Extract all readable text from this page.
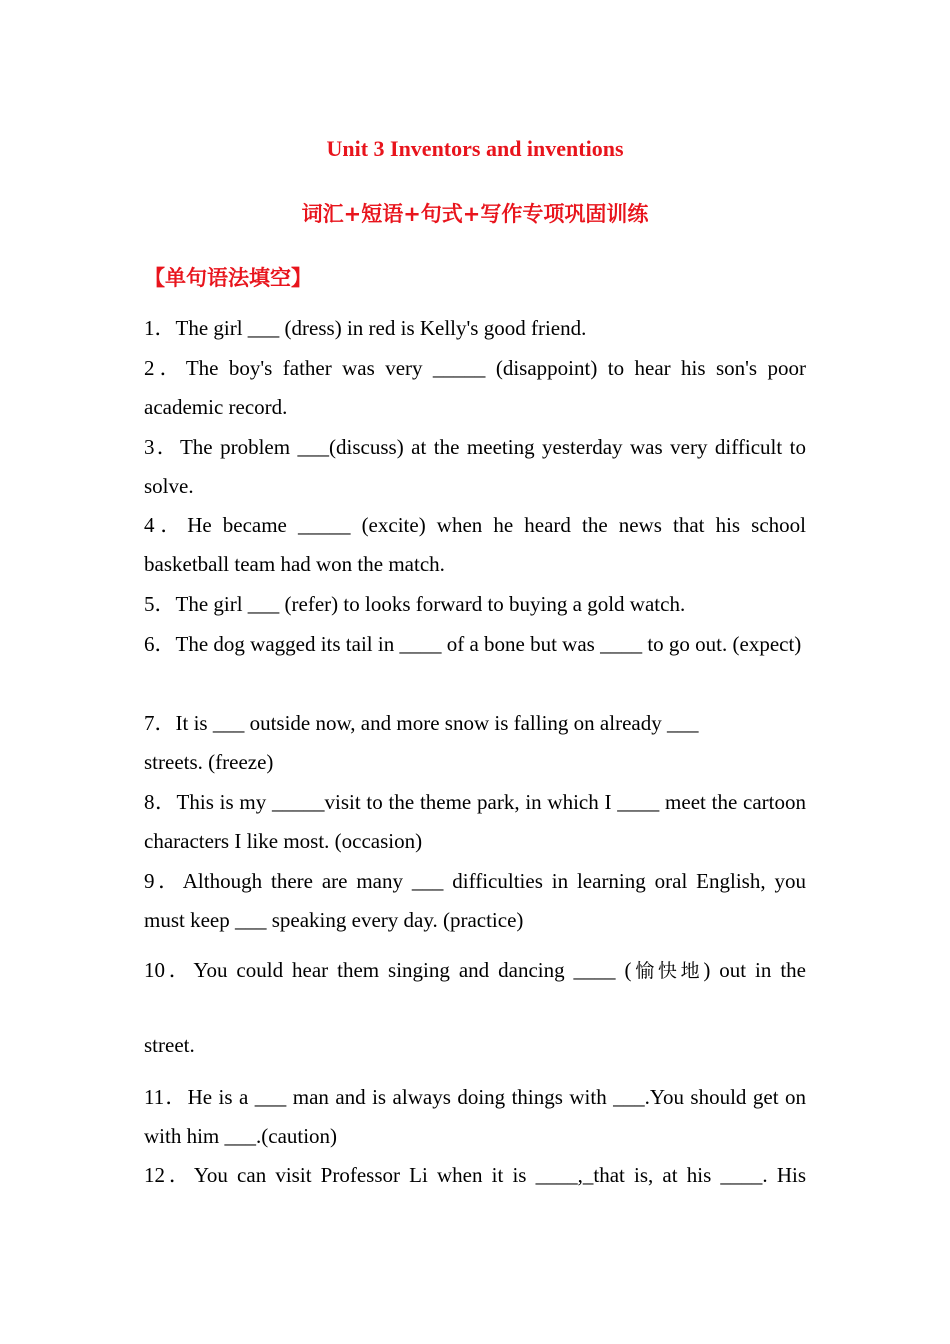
Unit 3 Inventors and inventions
词汇+短语+句式+写作专项巩固训练
【单句语法填空】
1．The girl ___ (dress) in red is Kelly's good friend.
2．The boy's father was very _____ (disappoint) to hear his son's poor academic record.
3．The problem ___(discuss) at the meeting yesterday was very difficult to solve.
4．He became _____ (excite) when he heard the news that his school basketball team had won the match.
5．The girl ___ (refer) to looks forward to buying a gold watch.
6．The dog wagged its tail in ____ of a bone but was ____ to go out. (expect)
7．It is ___ outside now, and more snow is falling on already ___
streets. (freeze)
8．This is my _____visit to the theme park, in which I ____ meet the cartoon characters I like most. (occasion)
9．Although there are many ___ difficulties in learning oral English, you must keep ___ speaking every day. (practice)
10．You could hear them singing and dancing ____ (愉快地) out in the
street.
11．He is a ___ man and is always doing things with ___.You should get on with him ___.(caution)
12．You can visit Professor Li when it is ____,_that is, at his ____. His
